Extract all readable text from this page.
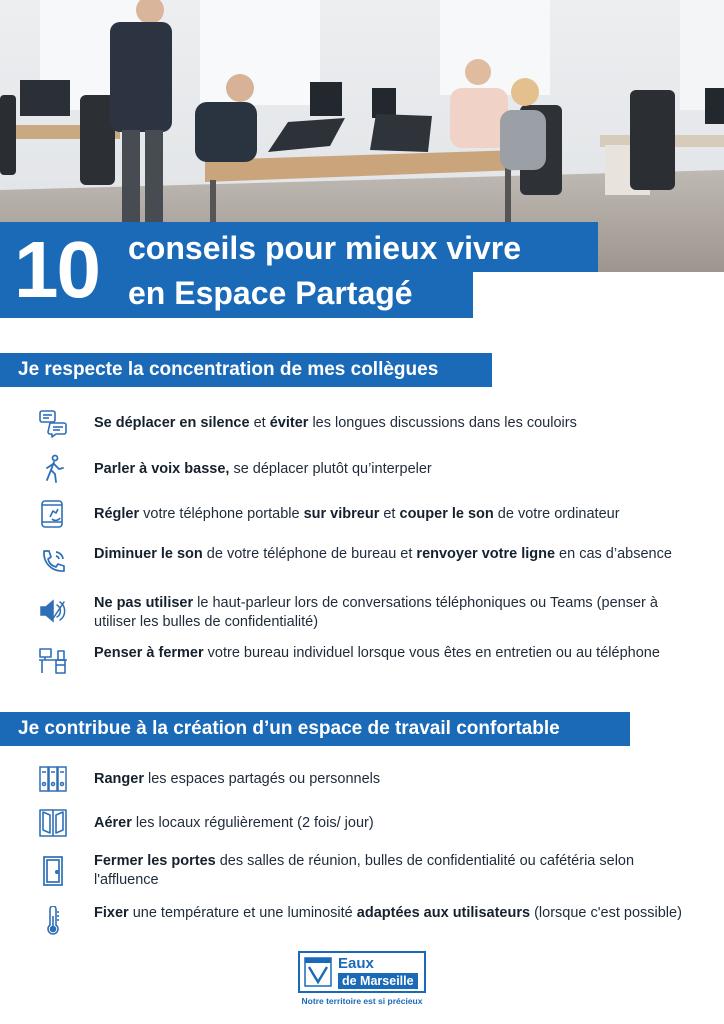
10 conseils pour mieux vivre
en Espace Partagé
Je respecte la concentration de mes collègues
Se déplacer en silence et éviter les longues discussions dans les couloirs
Parler à voix basse, se déplacer plutôt qu’interpeler
Régler votre téléphone portable sur vibreur et couper le son de votre ordinateur
Diminuer le son de votre téléphone de bureau et renvoyer votre ligne en cas d’absence
Ne pas utiliser le haut-parleur lors de conversations téléphoniques ou Teams (penser à utiliser les bulles de confidentialité)
Penser à fermer votre bureau individuel lorsque vous êtes en entretien ou au téléphone
Je contribue à la création d’un espace de travail confortable
Ranger les espaces partagés ou personnels
Aérer les locaux régulièrement (2 fois/ jour)
Fermer les portes des salles de réunion, bulles de confidentialité ou cafétéria selon l'affluence
Fixer une température et une luminosité adaptées aux utilisateurs (lorsque c'est possible)
Eaux
de Marseille
Notre territoire est si précieux
